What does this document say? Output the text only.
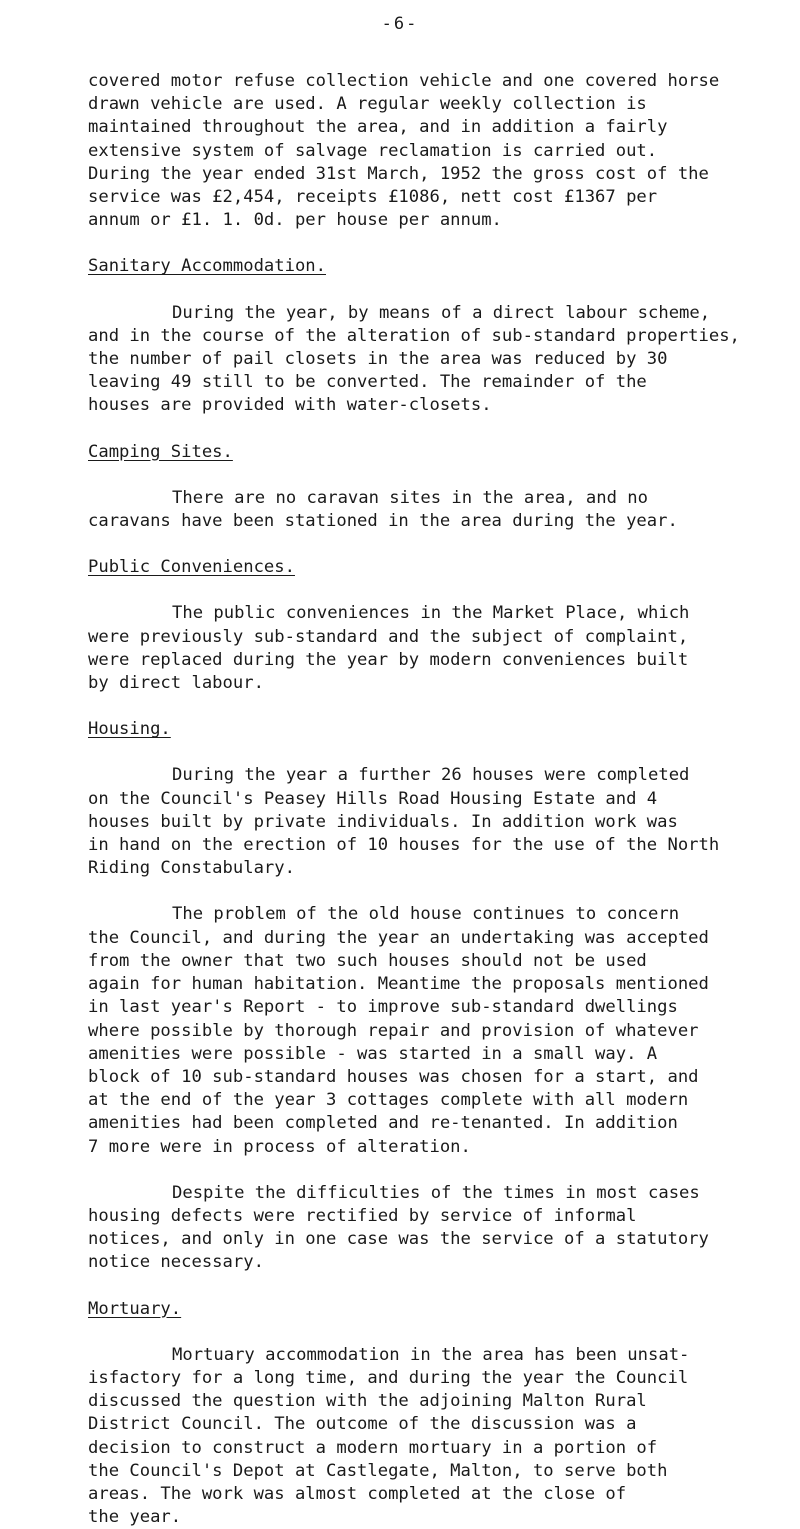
-6-

covered motor refuse collection vehicle and one covered horse

drawn vehicle are used. A regular weekly collection is

maintained throughout the area, and in addition a fairly

extensive system of salvage reclamation is carried out.

During the year ended 31st March, 1952 the gross cost of the

service was £2,454, receipts £1086, nett cost £1367 per

annum or £1. 1. 0d. per house per annum.

Sanitary Accommodation.

During the year, by means of a direct labour scheme,

and in the course of the alteration of sub-standard properties,

the number of pail closets in the area was reduced by 30

leaving 49 still to be converted. The remainder of the

houses are provided with water-closets.

Camping Sites.

There are no caravan sites in the area, and no

caravans have been stationed in the area during the year.

Public Conveniences.

The public conveniences in the Market Place, which

were previously sub-standard and the subject of complaint,

were replaced during the year by modern conveniences built

by direct labour.

Housing.

During the year a further 26 houses were completed

on the Council's Peasey Hills Road Housing Estate and 4

houses built by private individuals. In addition work was

in hand on the erection of 10 houses for the use of the North

Riding Constabulary.

The problem of the old house continues to concern

the Council, and during the year an undertaking was accepted

from the owner that two such houses should not be used

again for human habitation. Meantime the proposals mentioned

in last year's Report - to improve sub-standard dwellings

where possible by thorough repair and provision of whatever

amenities were possible - was started in a small way. A

block of 10 sub-standard houses was chosen for a start, and

at the end of the year 3 cottages complete with all modern

amenities had been completed and re-tenanted. In addition

7 more were in process of alteration.

Despite the difficulties of the times in most cases

housing defects were rectified by service of informal

notices, and only in one case was the service of a statutory

notice necessary.

Mortuary.

Mortuary accommodation in the area has been unsat-

isfactory for a long time, and during the year the Council

discussed the question with the adjoining Malton Rural

District Council. The outcome of the discussion was a

decision to construct a modern mortuary in a portion of

the Council's Depot at Castlegate, Malton, to serve both

areas. The work was almost completed at the close of

the year.
